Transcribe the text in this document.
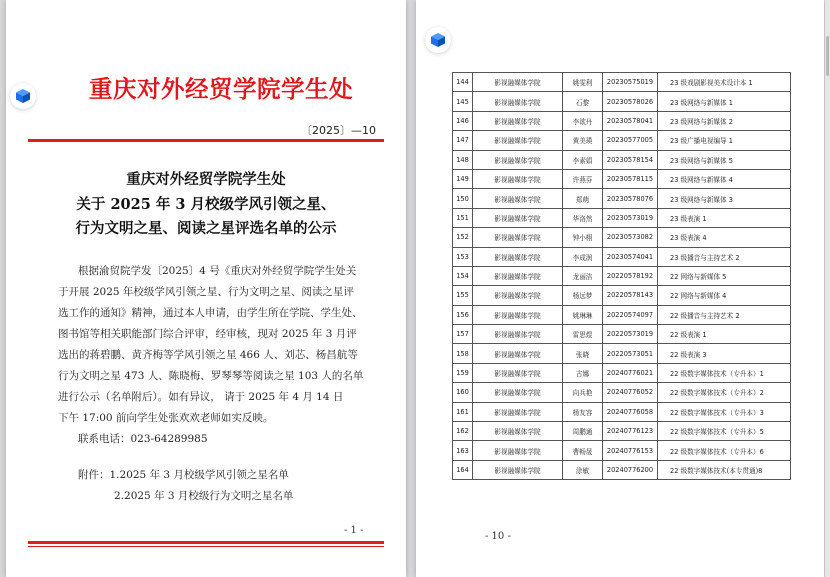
重庆对外经贸学院学生处
〔2025〕—10
重庆对外经贸学院学生处
关于 2025 年 3 月校级学风引领之星、
行为文明之星、阅读之星评选名单的公示
根据渝贸院学发〔2025〕4 号《重庆对外经贸学院学生处关
于开展 2025 年校级学风引领之星、行为文明之星、阅读之星评
选工作的通知》精神，通过本人申请，由学生所在学院、学生处、
图书馆等相关职能部门综合评审，经审核，现对 2025 年 3 月评
选出的蒋碧鹏、黄齐梅等学风引领之星 466 人、刘芯、杨昌航等
行为文明之星 473 人、陈晓梅、罗琴琴等阅读之星 103 人的名单
进行公示（名单附后）。如有异议， 请于 2025 年 4 月 14 日
下午 17:00 前向学生处张欢欢老师如实反映。
联系电话：023-64289985
附件：1.2025 年 3 月校级学风引领之星名单
2.2025 年 3 月校级行为文明之星名单
- 1 -
- 10 -
144	影视融媒体学院	姚雯利	20230575019	23 级戏剧影视美术设计本 1
145	影视融媒体学院	石黎	20230578026	23 级网络与新媒体 1
146	影视融媒体学院	李欲丹	20230578041	23 级网络与新媒体 2
147	影视融媒体学院	黄美瑛	20230577005	23 级广播电视编导 1
148	影视融媒体学院	李素娟	20230578154	23 级网络与新媒体 5
149	影视融媒体学院	许燕芬	20230578115	23 级网络与新媒体 4
150	影视融媒体学院	郑萌	20230578076	23 级网络与新媒体 3
151	影视融媒体学院	华洛然	20230573019	23 级表演 1
152	影视融媒体学院	钟小栩	20230573082	23 级表演 4
153	影视融媒体学院	李成润	20230574041	23 级播音与主持艺术 2
154	影视融媒体学院	龙丽洁	20220578192	22 网络与新媒体 5
155	影视融媒体学院	杨远梦	20220578143	22 网络与新媒体 4
156	影视融媒体学院	姚琳琳	20220574097	22 级播音与主持艺术 2
157	影视融媒体学院	雷思煜	20220573019	22 级表演 1
158	影视融媒体学院	张晓	20220573051	22 级表演 3
159	影视融媒体学院	古娜	20240776021	22 级数字媒体技术（专升本）1
160	影视融媒体学院	向兵艳	20240776052	22 级数字媒体技术（专升本）2
161	影视融媒体学院	杨友容	20240776058	22 级数字媒体技术（专升本）3
162	影视融媒体学院	周鹏通	20240776123	22 级数字媒体技术（专升本）5
163	影视融媒体学院	曹畅晟	20240776153	22 级数字媒体技术（专升本）6
164	影视融媒体学院	涂敏	20240776200	22 级数字媒体技术(本专贯通)8
